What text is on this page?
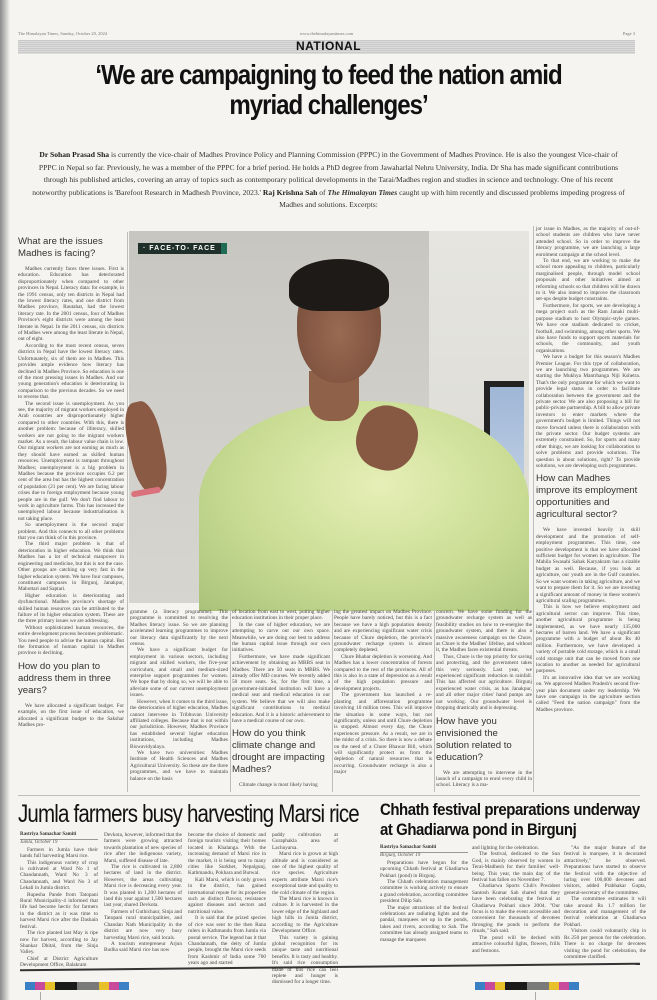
The Himalayan Times, Sunday, October 20, 2024	www.thehimalayantimes.com	Page 3
NATIONAL
‘We are campaigning to feed the nation amid myriad challenges’
Dr Sohan Prasad Sha is currently the vice-chair of Madhes Province Policy and Planning Commission (PPPC) in the Government of Madhes Province. He is also the youngest Vice-chair of PPPC in Nepal so far. Previously, he was a member of the PPPC for a brief period. He holds a PhD degree from Jawaharlal Nehru University, India. Dr Sha has made significant contributions through his published articles, covering an array of topics such as contemporary political developments in the Tarai/Madhes region and studies in science and technology. One of his recent noteworthy publications is 'Barefoot Research in Madhesh Province, 2023.' Raj Krishna Sah of The Himalayan Times caught up with him recently and discussed problems impeding progress of Madhes and solutions. Excerpts:
What are the issues Madhes is facing?

Madhes currently faces three issues. First is education. Education has deteriorated disproportionately when compared to other provinces in Nepal. Literacy data: for example, in the 1991 census, only ten districts in Nepal had the lowest literacy rates, and one district from Madhes province, Rautahat, had the lowest literacy rate. In the 2001 census, four of Madhes Province's eight districts were among the least literate in Nepal. In the 2011 census, six districts of Madhes were among the least literate in Nepal, out of eight.

According to the most recent census, seven districts in Nepal have the lowest literacy rates. Unfortunately, six of them are in Madhes. This provides ample evidence how literacy has declined in Madhes Province. So education is one of the most pressing issues in Madhes. And our young generation's education is deteriorating in comparison to the previous decades. So we need to reverse that.

The second issue is unemployment. As you see, the majority of migrant workers employed in Arab countries are disproportionately higher compared to other countries. With this, there is another problem: because of illiteracy, skilled workers are not going to the migrant workers market. As a result, the labour value chain is low. Our migrant workers are not earning as much as they should have earned as skilled human resources. Unemployment is rampant throughout Madhes; unemployment is a big problem in Madhes because the province occupies 6.2 per cent of the area but has the highest concentration of population (21 per cent). We are facing labour crises due to foreign employment because young people are in the gulf. We don't find labour to work in agriculture farms. This has increased the unemployed labour because industrialisation is not taking place.

So unemployment is the second major problem. And this connects to all other problems that you can think of in this province.

The third major problem is that of deterioration in higher education. We think that Madhes has a lot of technical manpower in engineering and medicine, but this is not the case. Other groups are catching up very fast in the higher education system. We have four campuses, constituent campuses in Birgunj, Janakpur, Mahottari and Saptari.

Higher education is deteriorating and dysfunctional. Madhes province's shortage of skilled human resources can be attributed to the failure of its higher education system. These are the three primary issues we are addressing.

Without sophisticated human resources, the entire development process becomes problematic. You need people to advise the human capital. But the formation of human capital in Madhes province is declining.

How do you plan to address them in three years?

We have allocated a significant budget. For example, on the first issue of education, we allocated a significant budget to the Sakshar Madhes pro-

· FACE-TO- FACE

gramme (a literacy programme). This programme is committed to resolving the Madhes literacy issue. So we are planning accelerated learning programmes to improve our literacy data significantly by the next census.

We have a significant budget for employment in various sectors, including migrant and skilled workers, the five-year curriculum, and small and medium-sized enterprise support programmes for women. We hope that by doing so, we will be able to alleviate some of our current unemployment issues.

However, when it comes to the third issue, the deterioration of higher education, Madhes cannot intervene in Tribhuvan University affiliated colleges. Because that is not within our jurisdiction. However, Madhes Province has established several higher education institutions, including Madhes Biswavidyalaya.

We have two universities: Madhes Institute of Health Sciences and Madhes Agricultural University. So these are the three programmes, and we have to maintain balance on the basis

of location from east to west, putting higher education institutions in their proper place.

In the case of higher education, we are attempting to carve out our own space. Meanwhile, we are doing our best to address the human capital issue through our own initiatives.

Furthermore, we have made significant achievement by obtaining an MBBS seat in Madhes. There are 50 seats in MBBS. We already offer MD courses. We recently added 50 more seats. So, for the first time, a government-initiated institution will have a medical seat and medical education in our system. We believe that we will also make significant contributions to medical education. And it is a historic achievement to have a medical course of our own.

How do you think climate change and drought are impacting Madhes?

Climate change is most likely having

ing the greatest impact on Madhes Province. People have barely noticed, but this is a fact because we have a high population density and are experiencing significant water crisis because of Chure depletion, the province's groundwater recharge system is almost completely depleted.

Chure Bhabar depletion is worsening. And Madhes has a lower concentration of forests compared to the rest of the provinces. All of this is also in a state of depression as a result of the high population pressure and development projects.

The government has launched a re-planting and afforestation programme involving 10 million trees. This will improve the situation in some ways, but not significantly, unless and until Chure depletion is stopped. Almost every day, the Chure experiences pressure. As a result, we are in the midst of a crisis. So there is now a debate on the need of a Chure Bhawar Bill, which will significantly protect us from the depletion of natural resources that is occurring. Groundwater recharge is also a major

concern. We have some funding for the groundwater recharge system as well as feasibility studies on how to re-energise the groundwater system, and there is also a massive awareness campaign on the Chure, as Chure is the Madhes' lifeline, and without it, the Madhes faces existential threats.

Thus, Chure is the top priority for saving and protecting, and the government takes this very seriously. Last year, we experienced significant reduction in rainfall. This has affected our agriculture. Birgunj experienced water crisis, as has Janakpur, and all other major cities' hand pumps are not working. Our groundwater level is dropping drastically and is depressing.

How have you envisioned the solution related to education?

We are attempting to intervene in the launch of a campaign to enrol every child in school. Literacy is a ma-

jor issue in Madhes, as the majority of out-of-school students are children who have never attended school. So in order to improve the literacy programme, we are launching a large enrolment campaign at the school level.

To that end, we are working to make the school more appealing to children, particularly marginalised people, through model school proposals and other initiatives aimed at reforming schools so that children will be drawn to it. We also intend to improve the classroom set-ups despite budget constraints.

Furthermore, for sports, we are developing a mega project such as the Ram Janaki multi-purpose stadium to host Olympic-style games. We have one stadium dedicated to cricket, football, and swimming, among other sports. We also have funds to support sports materials for schools, the community, and youth organisations.

We have a budget for this season's Madhes Premier League. For this type of collaboration, we are launching two programmes. We are starting the Mukhya Mantrhanga Niji Kshetra. That's the only programme for which we want to provide legal status in order to facilitate collaboration between the government and the private sector. We are also proposing a bill for public-private partnership. A bill to allow private investors to enter markets where the government's budget is limited. Things will not move forward unless there is collaboration with the private sector. Our budget systems are extremely constrained. So, for sports and many other things, we are looking for collaboration to solve problems and provide solutions. The question is about solutions, right? To provide solutions, we are developing such programmes.

How can Madhes improve its employment opportunities and agricultural sector?

We have invested heavily in skill development and the promotion of self-employment programmes. This time, one positive development is that we have allocated sufficient budget for women in agriculture. The Mahila Swasahi Sahak Karyakram has a sizable budget as well. Because, if you look at agriculture, our youth are in the Gulf countries. So we want women in taking agriculture, and we want to prepare them for it. So we are investing a significant amount of money in these women's agricultural scaling programmes.

This is how we believe employment and agricultural sector can improve. This time, another agricultural programme is being implemented, as we have nearly 135,000 hectares of barren land. We have a significant programme with a budget of about Rs 40 million. Furthermore, we have developed a variety of portable cold storage, which is a small cold storage unit that can be moved from one location to another as needed for agricultural purposes.

It's an innovative idea that we are working on. We approved Madhes Pradesh's second five-year plan document under my leadership. We have one campaign in the agriculture section called "Feed the nation campaign" from the Madhes province.

Jumla farmers busy harvesting Marsi rice

Rastriya Samachar Samiti

Jumla, October 19

Farmers in Jumla have their hands full harvesting Marsi rice.

This indigenous variety of crop is cultivated at Ward No 1 of Chandannath, Ward No 3 of Chandannath, and Ward No 3 of Lekali in Jumla district.

Rupesha Pande from Tatopani Rural Municipality-4 informed that life had become hectic for farmers in the district as it was time to harvest Marsi rice after the Dashain festival.

The rice planted last May is ripe now for harvest, according to Jay Shankar Dhital, from the Sinja Valley.

Chief at District Agriculture Development Office, Balakram

Devkota, however, informed that the farmers were growing attracted towards plantation of new species of rice after the indigenous variety, Marsi, suffered disease of late.

The rice is cultivated in 2,800 hectares of land in the district. However, the areas cultivating Marsi rice is decreasing every year. It was planted in 1,200 hectares of land this year against 1,500 hectares last year, shared Devkota.

Farmers of Guthichaur, Sinja and Tatopani rural municipalities, and Chandan Nath Municipality in the district are now very busy harvesting Marsi rice, said locals.

A tourism entrepreneur Arjun Budha said Marsi rice has now

become the choice of domestic and foreign tourists visiting their homes located in Khalanga. With the increasing demand of Marsi rice in the market, it is being sent to many cities like Surkhet, Nepalgunj, Kathmandu, Pokhara and Butwal.

Kali Marsi, which is only grown in the district, has gained international repute for its properties such as distinct flavour, resistance against diseases and sectors and nutritional value.

It is said that the prized species of rice was sent to the then Rana rulers in Kathmandu from Jumla via postal service. The legend has it that Chandannath, the deity of Jumla people, brought the Marsi rice seeds from Kashmir of India some 700 years ago and started

paddy cultivation at Guraphakla area of Lachuyarsa.

Marsi rice is grown at high altitude and is considered as one of the highest quality of rice species. Agriculture experts attribute Marsi rice's exceptional taste and quality to the cold climate of the region.

The Marsi rice is known in culture. It is harvested in the lower edge of the highland and high hills in Jumla district, according to the Agriculture Development Office.

This variety is gaining global recognition for its unique taste and nutritional benefits. It is tasty and healthy. It's said rice consumption made of this rice can feel replete and hunger is dismissed for a longer time.

Chhath festival preparations underway at Ghadiarwa pond in Birgunj

Rastriya Samachar Samiti

Birgunj, October 19

Preparations have begun for the upcoming Chhath festival at Ghadiarwa Pokhari (pond) in Birgunj.

The Chhath celebration management committee is working actively to ensure a grand celebration, according committee president Dilip Sah.

The major attractions of the festival celebrations are radiating lights and the pandal, marquees set up in the ponds, lakes and rivers, according to Sah. The committee has already assigned teams to manage the marquees

and lighting for the celebration.

The festival, dedicated to the Sun God, is mainly observed by women in Terai-Madhesh for their families' well-being. This year, the main day of the festival has fallen on November 7.

Ghadiarwa Sports Club's President Santosh Kumar Sah shared that they have been celebrating the festival at Ghadiarwa Pokhari since 2004. "Our focus is to make the event accessible and convenient for thousands of devotees thronging the ponds to perform the rituals," Sah said.

The pond will be decked with attractive colourful lights, flowers, frills and festoons.

"As the major feature of the festival is marquee, it is decorated attractively," he observed. Preparations have started to observe the festival with the objective of luring over 100,000 devotees and visitors, added Prabhakar Gupta, general-secretary of the committee.

The committee estimates it will take around Rs 1.7 million for decoration and management of the festival celebration at Ghadiarwa Pokhari.

Visitors could voluntarily chip in Rs 250 per person for the celebration. There is no charge for devotees visiting the pond for celebration, the committee clarified.
